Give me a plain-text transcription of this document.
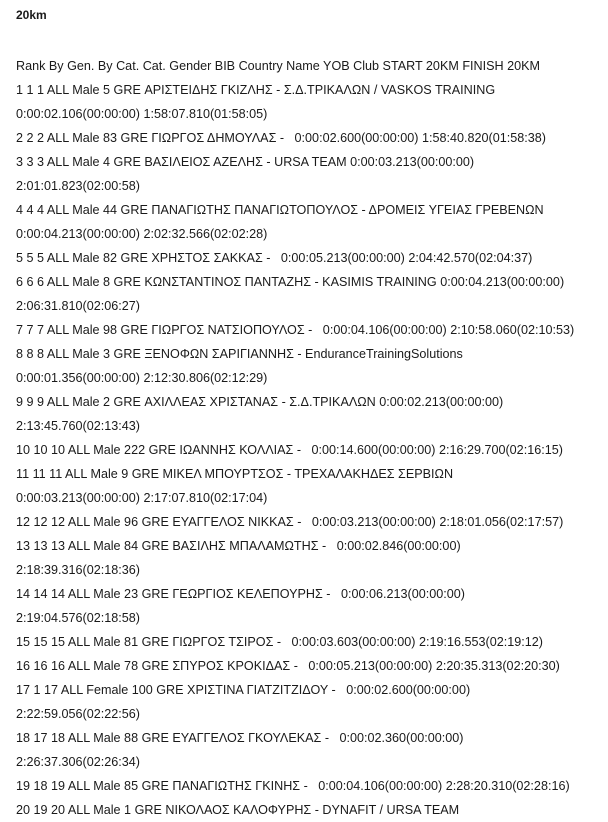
20km
Rank By Gen. By Cat. Cat. Gender BIB Country Name YOB Club START 20KM FINISH 20KM
1 1 1 ALL Male 5 GRE ΑΡΙΣΤΕΙΔΗΣ ΓΚΙΖΛΗΣ - Σ.Δ.ΤΡΙΚΑΛΩΝ / VASKOS TRAINING
0:00:02.106(00:00:00) 1:58:07.810(01:58:05)
2 2 2 ALL Male 83 GRE ΓΙΩΡΓΟΣ ΔΗΜΟΥΛΑΣ -   0:00:02.600(00:00:00) 1:58:40.820(01:58:38)
3 3 3 ALL Male 4 GRE ΒΑΣΙΛΕΙΟΣ ΑΖΕΛΗΣ - URSA TEAM 0:00:03.213(00:00:00)
2:01:01.823(02:00:58)
4 4 4 ALL Male 44 GRE ΠΑΝΑΓΙΩΤΗΣ ΠΑΝΑΓΙΩΤΟΠΟΥΛΟΣ - ΔΡΟΜΕΙΣ ΥΓΕΙΑΣ ΓΡΕΒΕΝΩΝ
0:00:04.213(00:00:00) 2:02:32.566(02:02:28)
5 5 5 ALL Male 82 GRE ΧΡΗΣΤΟΣ ΣΑΚΚΑΣ -   0:00:05.213(00:00:00) 2:04:42.570(02:04:37)
6 6 6 ALL Male 8 GRE ΚΩΝΣΤΑΝΤΙΝΟΣ ΠΑΝΤΑΖΗΣ - KASIMIS TRAINING 0:00:04.213(00:00:00)
2:06:31.810(02:06:27)
7 7 7 ALL Male 98 GRE ΓΙΩΡΓΟΣ ΝΑΤΣΙΟΠΟΥΛΟΣ -   0:00:04.106(00:00:00) 2:10:58.060(02:10:53)
8 8 8 ALL Male 3 GRE ΞΕΝΟΦΩΝ ΣΑΡΙΓΙΑΝΝΗΣ - EnduranceTrainingSolutions
0:00:01.356(00:00:00) 2:12:30.806(02:12:29)
9 9 9 ALL Male 2 GRE ΑΧΙΛΛΕΑΣ ΧΡΙΣΤΑΝΑΣ - Σ.Δ.ΤΡΙΚΑΛΩΝ 0:00:02.213(00:00:00)
2:13:45.760(02:13:43)
10 10 10 ALL Male 222 GRE ΙΩΑΝΝΗΣ ΚΟΛΛΙΑΣ -   0:00:14.600(00:00:00) 2:16:29.700(02:16:15)
11 11 11 ALL Male 9 GRE ΜΙΚΕΛ ΜΠΟΥΡΤΣΟΣ - ΤΡΕΧΑΛΑΚΗΔΕΣ ΣΕΡΒΙΩΝ
0:00:03.213(00:00:00) 2:17:07.810(02:17:04)
12 12 12 ALL Male 96 GRE ΕΥΑΓΓΕΛΟΣ ΝΙΚΚΑΣ -   0:00:03.213(00:00:00) 2:18:01.056(02:17:57)
13 13 13 ALL Male 84 GRE ΒΑΣΙΛΗΣ ΜΠΑΛΑΜΩΤΗΣ -   0:00:02.846(00:00:00)
2:18:39.316(02:18:36)
14 14 14 ALL Male 23 GRE ΓΕΩΡΓΙΟΣ ΚΕΛΕΠΟΥΡΗΣ -   0:00:06.213(00:00:00)
2:19:04.576(02:18:58)
15 15 15 ALL Male 81 GRE ΓΙΩΡΓΟΣ ΤΣΙΡΟΣ -   0:00:03.603(00:00:00) 2:19:16.553(02:19:12)
16 16 16 ALL Male 78 GRE ΣΠΥΡΟΣ ΚΡΟΚΙΔΑΣ -   0:00:05.213(00:00:00) 2:20:35.313(02:20:30)
17 1 17 ALL Female 100 GRE ΧΡΙΣΤΙΝΑ ΓΙΑΤΖΙΤΖΙΔΟΥ -   0:00:02.600(00:00:00)
2:22:59.056(02:22:56)
18 17 18 ALL Male 88 GRE ΕΥΑΓΓΕΛΟΣ ΓΚΟΥΛΕΚΑΣ -   0:00:02.360(00:00:00)
2:26:37.306(02:26:34)
19 18 19 ALL Male 85 GRE ΠΑΝΑΓΙΩΤΗΣ ΓΚΙΝΗΣ -   0:00:04.106(00:00:00) 2:28:20.310(02:28:16)
20 19 20 ALL Male 1 GRE ΝΙΚΟΛΑΟΣ ΚΑΛΟΦΥΡΗΣ - DYNAFIT / URSA TEAM
